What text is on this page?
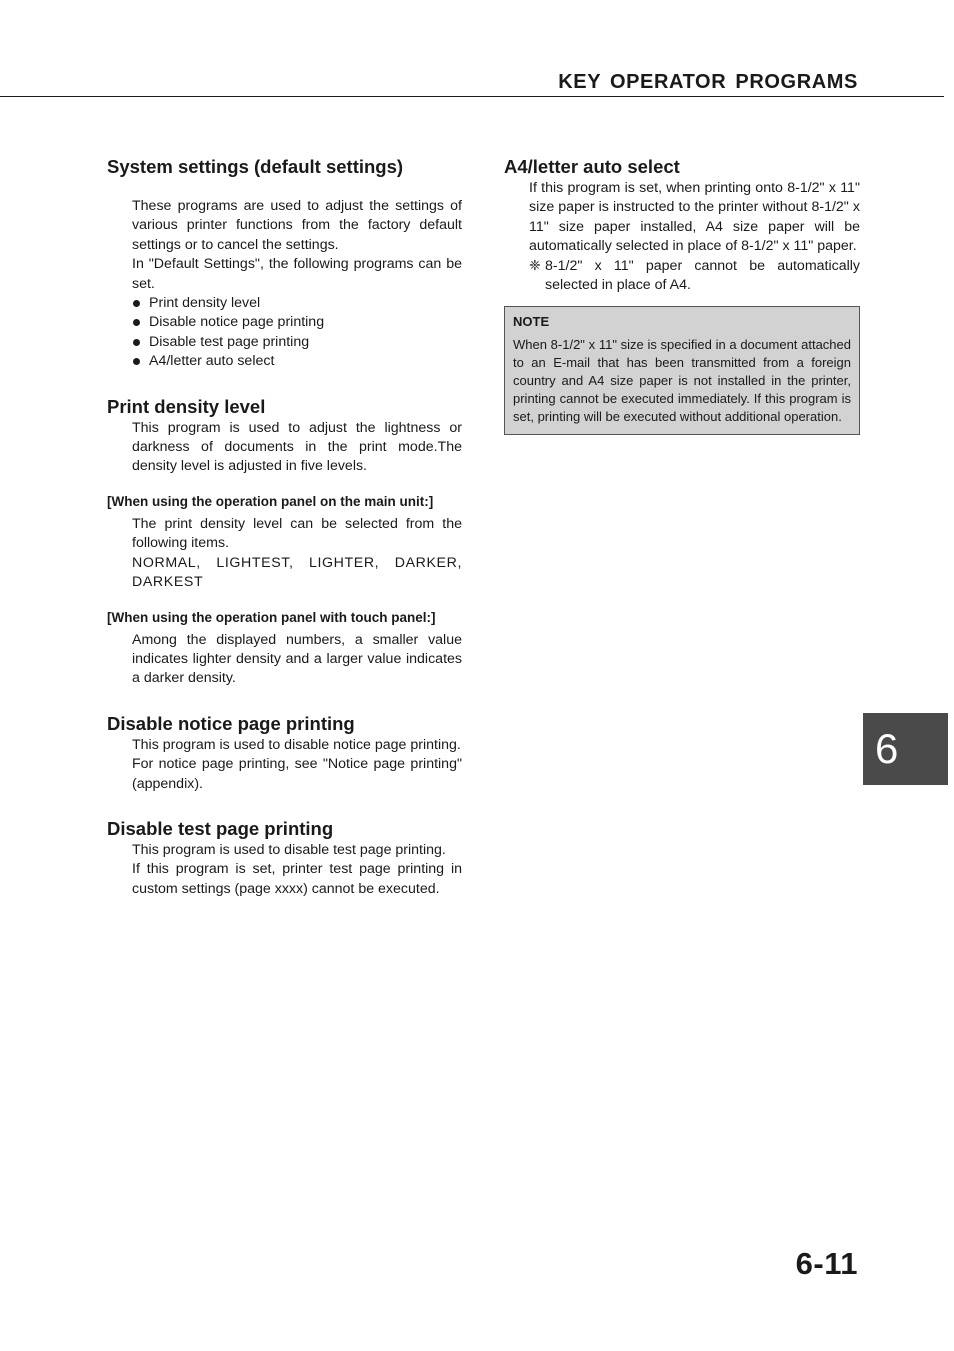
KEY OPERATOR PROGRAMS
System settings (default settings)

These programs are used to adjust the settings of various printer functions from the factory default settings or to cancel the settings.

In "Default Settings", the following programs can be set.

Print density level
Disable notice page printing
Disable test page printing
A4/letter auto select
Print density level

This program is used to adjust the lightness or darkness of documents in the print mode.The density level is adjusted in five levels.

[When using the operation panel on the main unit:]

The print density level can be selected from the following items.

NORMAL, LIGHTEST, LIGHTER, DARKER, DARKEST

[When using the operation panel with touch panel:]

Among the displayed numbers, a smaller value indicates lighter density and a larger value indicates a darker density.

Disable notice page printing

This program is used to disable notice page printing.

For notice page printing, see "Notice page printing" (appendix).

Disable test page printing

This program is used to disable test page printing.

If this program is set, printer test page printing in custom settings (page xxxx) cannot be executed.

A4/letter auto select

If this program is set, when printing onto 8-1/2" x 11" size paper is instructed to the printer without 8-1/2" x 11" size paper installed, A4 size paper will be automatically selected in place of 8-1/2" x 11" paper.

❈ 8-1/2" x 11" paper cannot be automatically selected in place of A4.
NOTE
When 8-1/2" x 11" size is specified in a document attached to an E-mail that has been transmitted from a foreign country and A4 size paper is not installed in the printer, printing cannot be executed immediately. If this program is set, printing will be executed without additional operation.
6
6-11
